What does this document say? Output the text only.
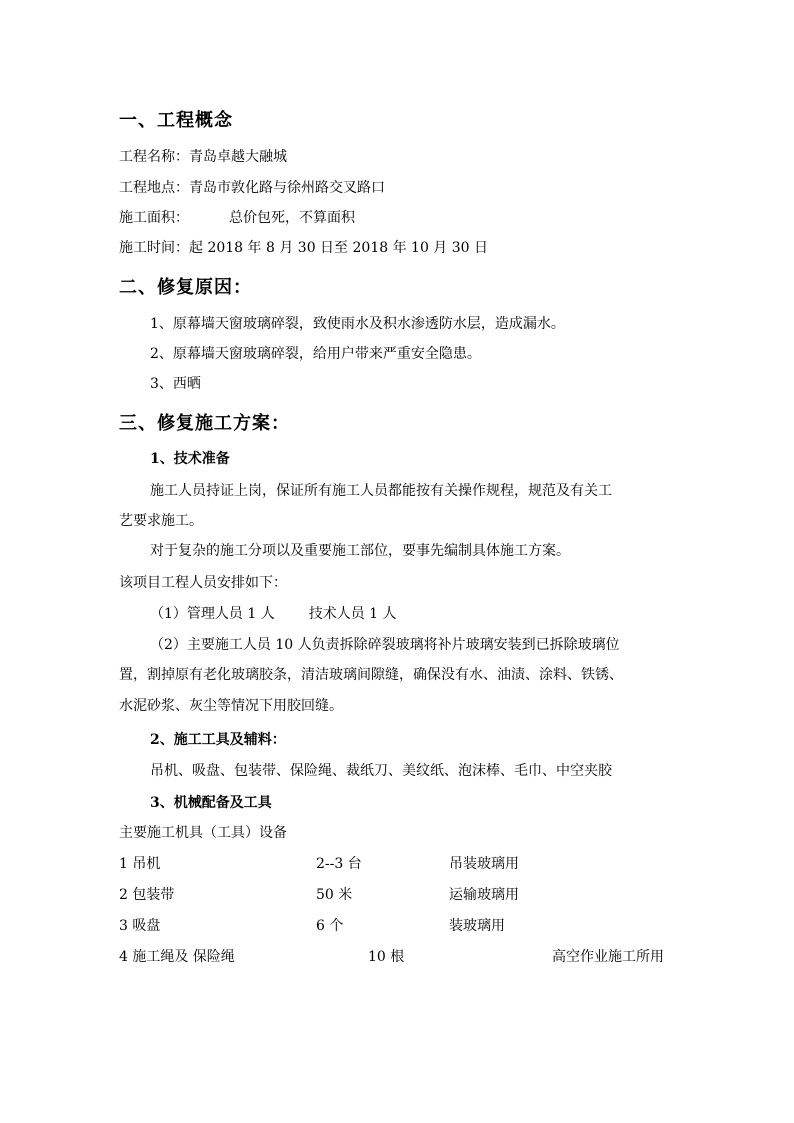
一、工程概念
工程名称：青岛卓越大融城
工程地点：青岛市敦化路与徐州路交叉路口
施工面积：	总价包死，不算面积
施工时间：起 2018 年 8 月 30 日至 2018 年 10 月 30 日
二、修复原因：
1、原幕墙天窗玻璃碎裂，致使雨水及积水渗透防水层，造成漏水。
2、原幕墙天窗玻璃碎裂，给用户带来严重安全隐患。
3、西晒
三、修复施工方案：
1、技术准备
施工人员持证上岗，保证所有施工人员都能按有关操作规程，规范及有关工
艺要求施工。
对于复杂的施工分项以及重要施工部位，要事先编制具体施工方案。
该项目工程人员安排如下：
（1）管理人员 1 人 技术人员 1 人
（2）主要施工人员 10 人负责拆除碎裂玻璃将补片玻璃安装到已拆除玻璃位
置，割掉原有老化玻璃胶条，清洁玻璃间隙缝，确保没有水、油渍、涂料、铁锈、
水泥砂浆、灰尘等情况下用胶回缝。
2、施工工具及辅料：
吊机、吸盘、包装带、保险绳、裁纸刀、美纹纸、泡沫棒、毛巾、中空夹胶
3、机械配备及工具
主要施工机具（工具）设备
1 吊机	2--3 台	吊装玻璃用
2 包装带	50 米	运输玻璃用
3 吸盘	6 个	装玻璃用
4 施工绳及 保险绳	10 根	高空作业施工所用
